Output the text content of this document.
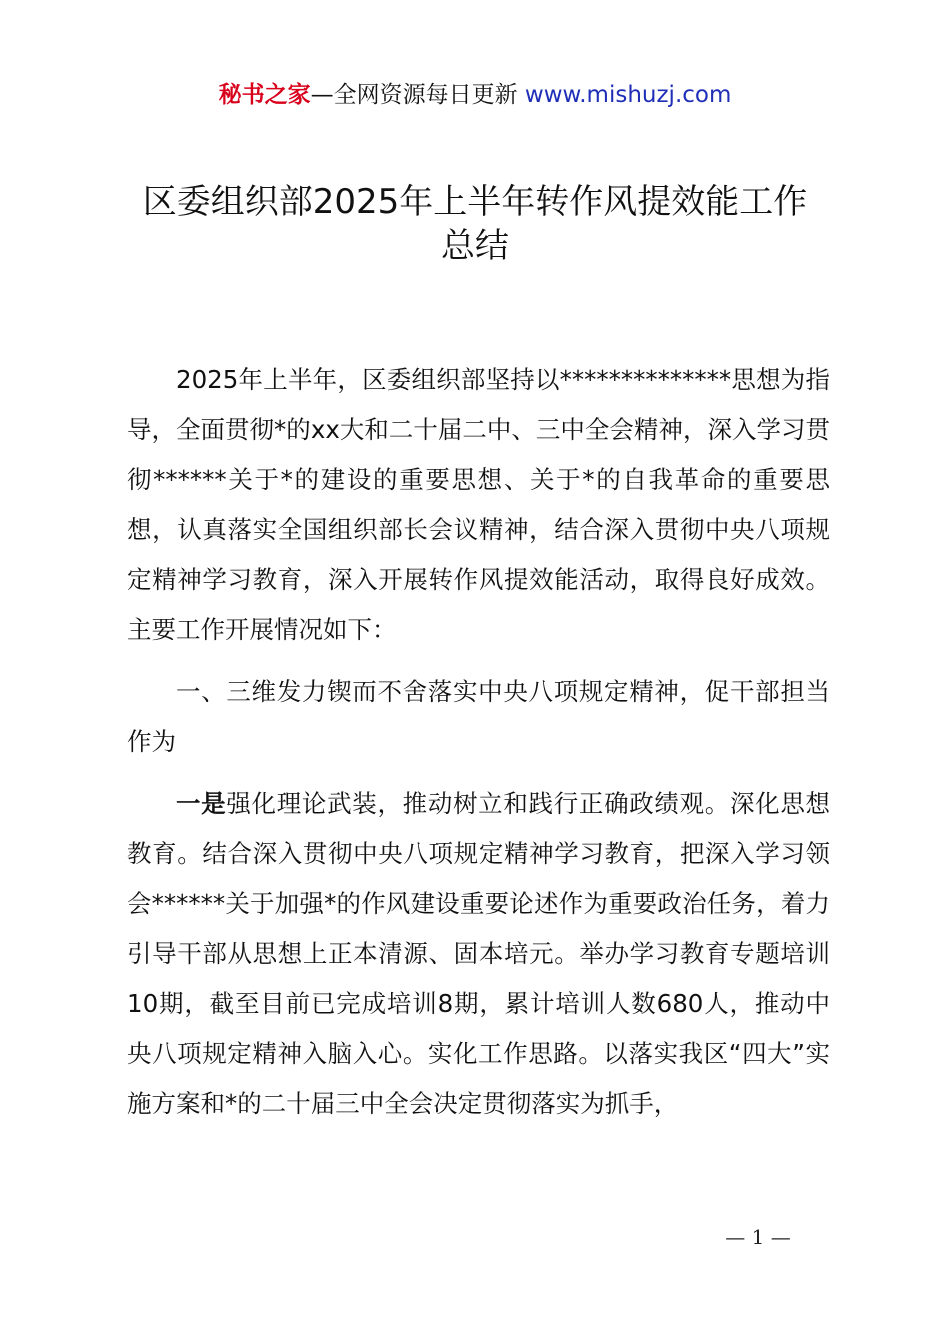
秘书之家—全网资源每日更新 www.mishuzj.com
区委组织部2025年上半年转作风提效能工作
总结

2025年上半年，区委组织部坚持以**************思想为指导，全面贯彻*的xx大和二十届二中、三中全会精神，深入学习贯彻******关于*的建设的重要思想、关于*的自我革命的重要思想，认真落实全国组织部长会议精神，结合深入贯彻中央八项规定精神学习教育，深入开展转作风提效能活动，取得良好成效。主要工作开展情况如下：

一、三维发力锲而不舍落实中央八项规定精神，促干部担当作为

一是强化理论武装，推动树立和践行正确政绩观。深化思想教育。结合深入贯彻中央八项规定精神学习教育，把深入学习领会******关于加强*的作风建设重要论述作为重要政治任务，着力引导干部从思想上正本清源、固本培元。举办学习教育专题培训10期，截至目前已完成培训8期，累计培训人数680人，推动中央八项规定精神入脑入心。实化工作思路。以落实我区“四大”实施方案和*的二十届三中全会决定贯彻落实为抓手，

— 1 —
